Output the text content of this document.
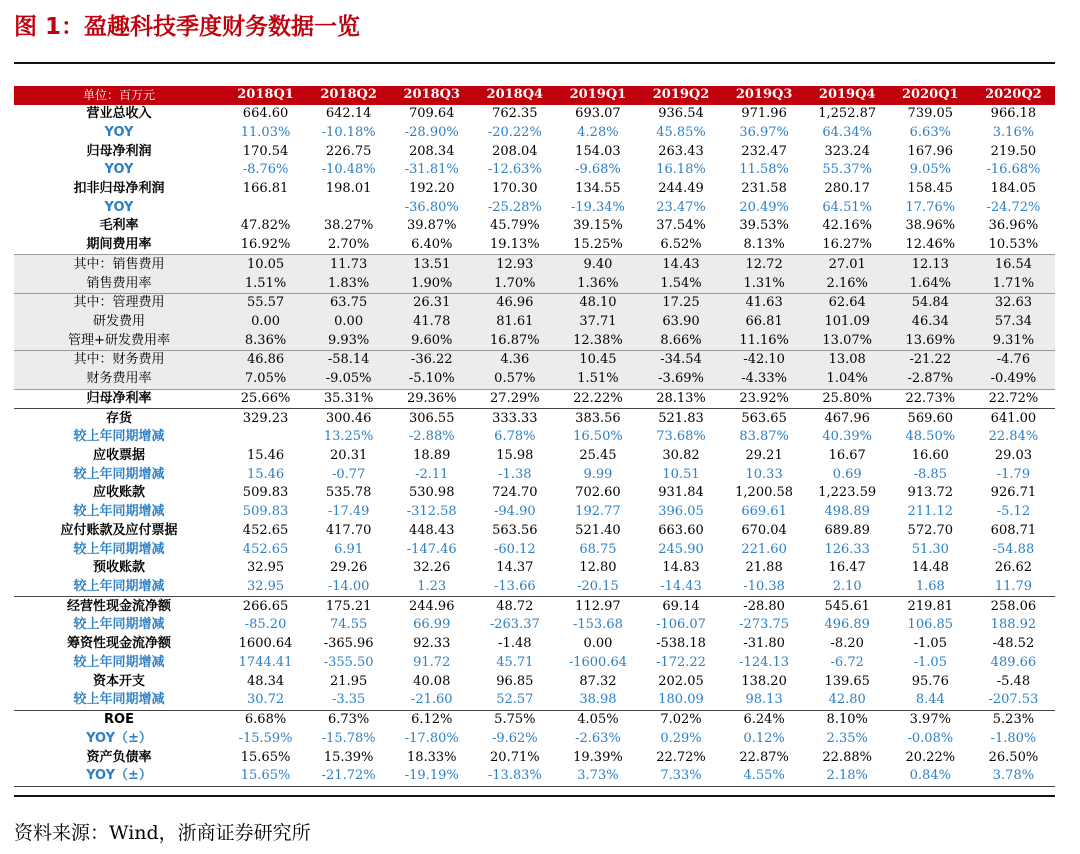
图 1：盈趣科技季度财务数据一览
单位：百万元	2018Q1	2018Q2	2018Q3	2018Q4	2019Q1	2019Q2	2019Q3	2019Q4	2020Q1	2020Q2
营业总收入	664.60	642.14	709.64	762.35	693.07	936.54	971.96	1,252.87	739.05	966.18
YOY	11.03%	-10.18%	-28.90%	-20.22%	4.28%	45.85%	36.97%	64.34%	6.63%	3.16%
归母净利润	170.54	226.75	208.34	208.04	154.03	263.43	232.47	323.24	167.96	219.50
YOY	-8.76%	-10.48%	-31.81%	-12.63%	-9.68%	16.18%	11.58%	55.37%	9.05%	-16.68%
扣非归母净利润	166.81	198.01	192.20	170.30	134.55	244.49	231.58	280.17	158.45	184.05
YOY			-36.80%	-25.28%	-19.34%	23.47%	20.49%	64.51%	17.76%	-24.72%
毛利率	47.82%	38.27%	39.87%	45.79%	39.15%	37.54%	39.53%	42.16%	38.96%	36.96%
期间费用率	16.92%	2.70%	6.40%	19.13%	15.25%	6.52%	8.13%	16.27%	12.46%	10.53%
其中：销售费用	10.05	11.73	13.51	12.93	9.40	14.43	12.72	27.01	12.13	16.54
销售费用率	1.51%	1.83%	1.90%	1.70%	1.36%	1.54%	1.31%	2.16%	1.64%	1.71%
其中：管理费用	55.57	63.75	26.31	46.96	48.10	17.25	41.63	62.64	54.84	32.63
研发费用	0.00	0.00	41.78	81.61	37.71	63.90	66.81	101.09	46.34	57.34
管理+研发费用率	8.36%	9.93%	9.60%	16.87%	12.38%	8.66%	11.16%	13.07%	13.69%	9.31%
其中：财务费用	46.86	-58.14	-36.22	4.36	10.45	-34.54	-42.10	13.08	-21.22	-4.76
财务费用率	7.05%	-9.05%	-5.10%	0.57%	1.51%	-3.69%	-4.33%	1.04%	-2.87%	-0.49%
归母净利率	25.66%	35.31%	29.36%	27.29%	22.22%	28.13%	23.92%	25.80%	22.73%	22.72%
存货	329.23	300.46	306.55	333.33	383.56	521.83	563.65	467.96	569.60	641.00
较上年同期增减		13.25%	-2.88%	6.78%	16.50%	73.68%	83.87%	40.39%	48.50%	22.84%
应收票据	15.46	20.31	18.89	15.98	25.45	30.82	29.21	16.67	16.60	29.03
较上年同期增减	15.46	-0.77	-2.11	-1.38	9.99	10.51	10.33	0.69	-8.85	-1.79
应收账款	509.83	535.78	530.98	724.70	702.60	931.84	1,200.58	1,223.59	913.72	926.71
较上年同期增减	509.83	-17.49	-312.58	-94.90	192.77	396.05	669.61	498.89	211.12	-5.12
应付账款及应付票据	452.65	417.70	448.43	563.56	521.40	663.60	670.04	689.89	572.70	608.71
较上年同期增减	452.65	6.91	-147.46	-60.12	68.75	245.90	221.60	126.33	51.30	-54.88
预收账款	32.95	29.26	32.26	14.37	12.80	14.83	21.88	16.47	14.48	26.62
较上年同期增减	32.95	-14.00	1.23	-13.66	-20.15	-14.43	-10.38	2.10	1.68	11.79
经营性现金流净额	266.65	175.21	244.96	48.72	112.97	69.14	-28.80	545.61	219.81	258.06
较上年同期增减	-85.20	74.55	66.99	-263.37	-153.68	-106.07	-273.75	496.89	106.85	188.92
筹资性现金流净额	1600.64	-365.96	92.33	-1.48	0.00	-538.18	-31.80	-8.20	-1.05	-48.52
较上年同期增减	1744.41	-355.50	91.72	45.71	-1600.64	-172.22	-124.13	-6.72	-1.05	489.66
资本开支	48.34	21.95	40.08	96.85	87.32	202.05	138.20	139.65	95.76	-5.48
较上年同期增减	30.72	-3.35	-21.60	52.57	38.98	180.09	98.13	42.80	8.44	-207.53
ROE	6.68%	6.73%	6.12%	5.75%	4.05%	7.02%	6.24%	8.10%	3.97%	5.23%
YOY（±）	-15.59%	-15.78%	-17.80%	-9.62%	-2.63%	0.29%	0.12%	2.35%	-0.08%	-1.80%
资产负债率	15.65%	15.39%	18.33%	20.71%	19.39%	22.72%	22.87%	22.88%	20.22%	26.50%
YOY（±）	15.65%	-21.72%	-19.19%	-13.83%	3.73%	7.33%	4.55%	2.18%	0.84%	3.78%
资料来源：Wind，浙商证券研究所
